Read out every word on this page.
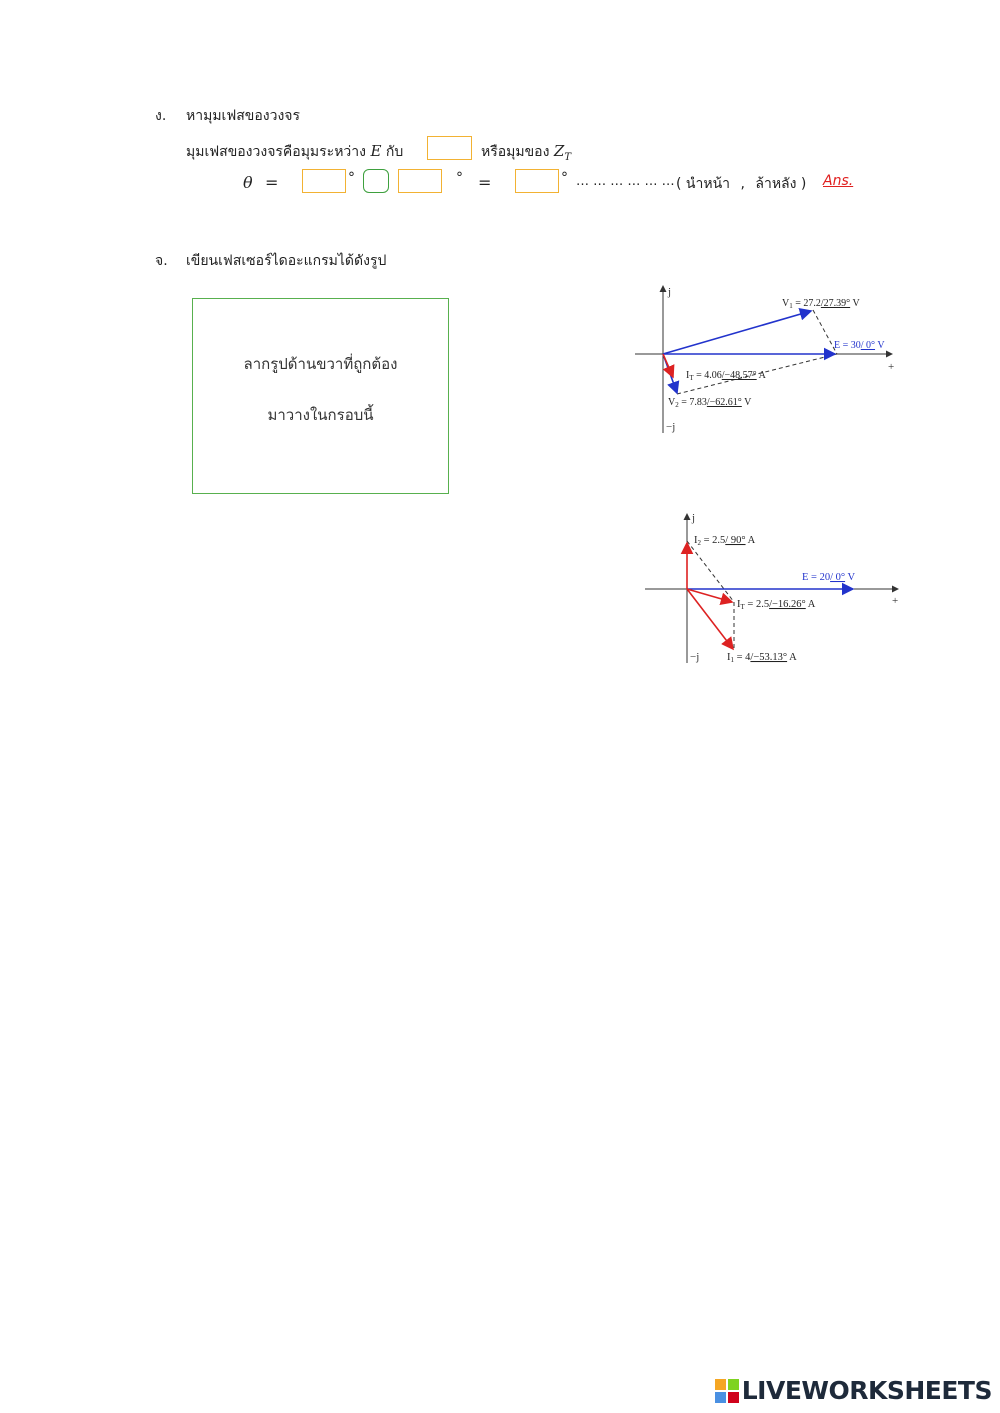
ง. หามุมเฟสของวงจร
มุมเฟสของวงจรคือมุมระหว่าง E กับ	หรือมุมของ $Z_T$
θ =	°	° =	° … … … … … … ( นำหน้า , ล้าหลัง ) Ans.
จ. เขียนเฟสเซอร์ไดอะแกรมได้ดังรูป
ลากรูปด้านขวาที่ถูกต้อง
มาวางในกรอบนี้
j
−j
+
$V_1 = 27.2/27.39^\circ$ V
E = 30/ 0° V
$I_T = 4.06/-48.57^\circ$ A
$V_2 = 7.83/-62.61^\circ$ V
j
−j
+
I2 = 2.5/ 90° A
E = 20/ 0° V
IT = 2.5/−16.26° A
I1 = 4/−53.13° A
LIVEWORKSHEETS
